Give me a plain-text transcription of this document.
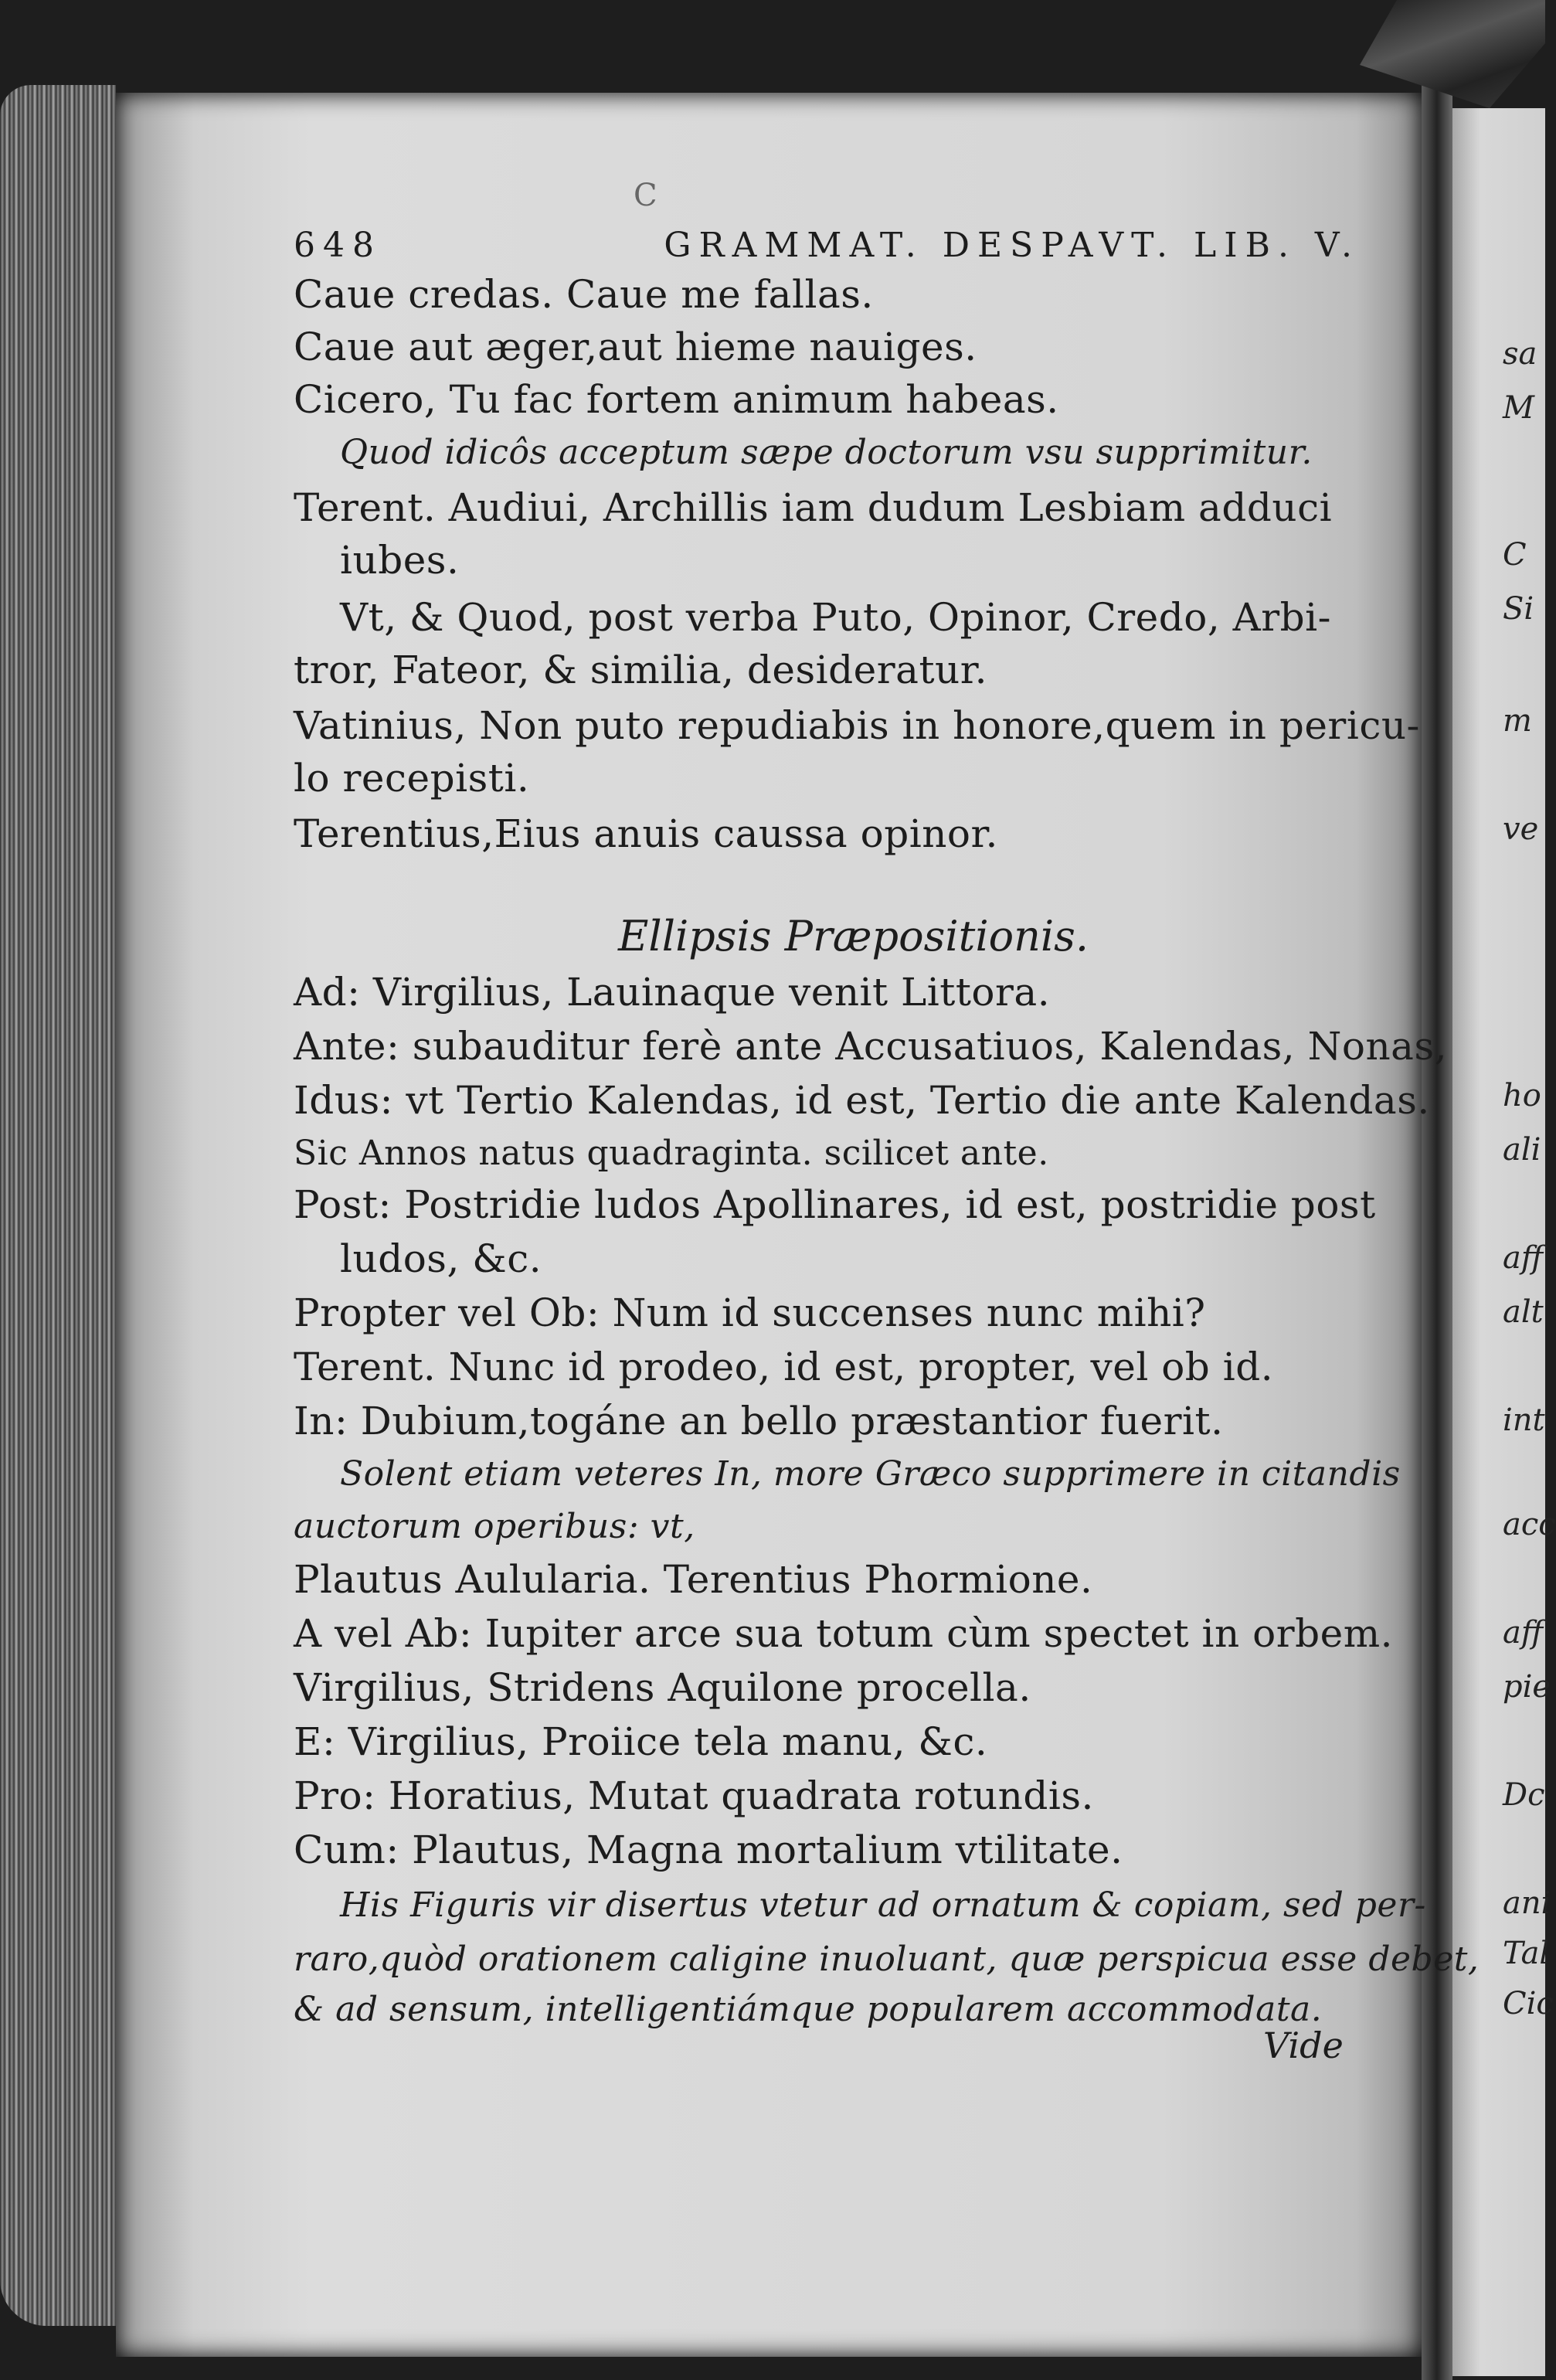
C
648	GRAMMAT. DESPAVT. LIB. V.
Caue credas. Caue me fallas.
Caue aut æger,aut hieme nauiges.
Cicero, Tu fac fortem animum habeas.
Quod idicôs acceptum sæpe doctorum vsu supprimitur.
Terent. Audiui, Archillis iam dudum Lesbiam adduci
iubes.
Vt, & Quod, post verba Puto, Opinor, Credo, Arbi-
tror, Fateor, & similia, desideratur.
Vatinius, Non puto repudiabis in honore,quem in pericu-
lo recepisti.
Terentius,Eius anuis caussa opinor.
Ellipsis Præpositionis.
Ad: Virgilius, Lauinaque venit Littora.
Ante: subauditur ferè ante Accusatiuos, Kalendas, Nonas,
Idus: vt Tertio Kalendas, id est, Tertio die ante Kalendas.
Sic Annos natus quadraginta. scilicet ante.
Post: Postridie ludos Apollinares, id est, postridie post
ludos, &c.
Propter vel Ob: Num id succenses nunc mihi?
Terent. Nunc id prodeo, id est, propter, vel ob id.
In: Dubium,togáne an bello præstantior fuerit.
Solent etiam veteres In, more Græco supprimere in citandis
auctorum operibus: vt,
Plautus Aulularia. Terentius Phormione.
A vel Ab: Iupiter arce sua totum cùm spectet in orbem.
Virgilius, Stridens Aquilone procella.
E: Virgilius, Proiice tela manu, &c.
Pro: Horatius, Mutat quadrata rotundis.
Cum: Plautus, Magna mortalium vtilitate.
His Figuris vir disertus vtetur ad ornatum & copiam, sed per-
raro,quòd orationem caligine inuoluant, quæ perspicua esse debet,
& ad sensum, intelligentiámque popularem accommodata.
Vide
sa
M
C
Si
m
ve
ho
ali
aff
alt
int
acc
aff
pie
Dc
ani
Tal
Cic
